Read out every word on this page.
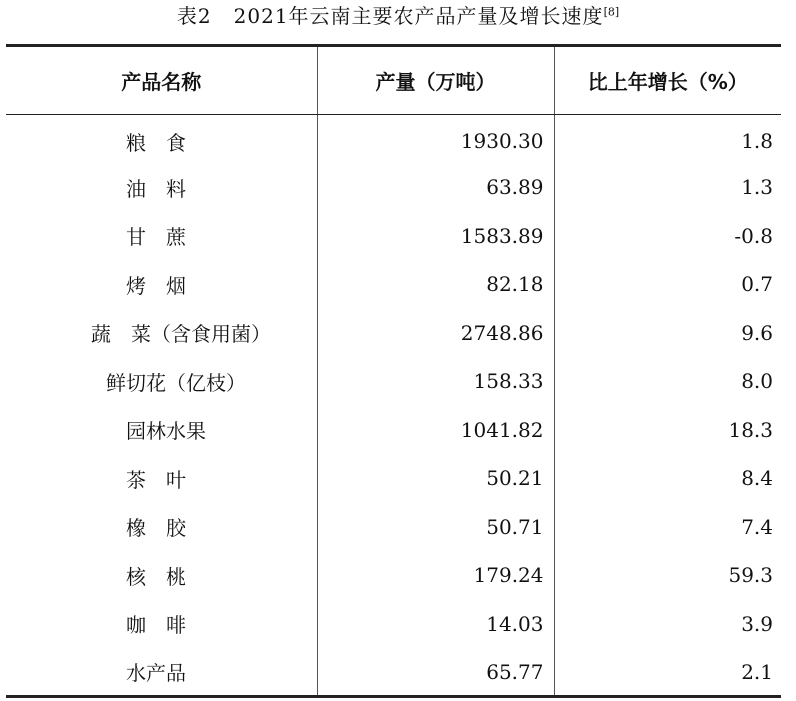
表2 2021年云南主要农产品产量及增长速度[8]
产品名称	产量（万吨）	比上年增长（%）
粮　食	1930.30	1.8
油　料	63.89	1.3
甘　蔗	1583.89	-0.8
烤　烟	82.18	0.7
蔬　菜（含食用菌）	2748.86	9.6
鲜切花（亿枝）	158.33	8.0
园林水果	1041.82	18.3
茶　叶	50.21	8.4
橡　胶	50.71	7.4
核　桃	179.24	59.3
咖　啡	14.03	3.9
水产品	65.77	2.1
